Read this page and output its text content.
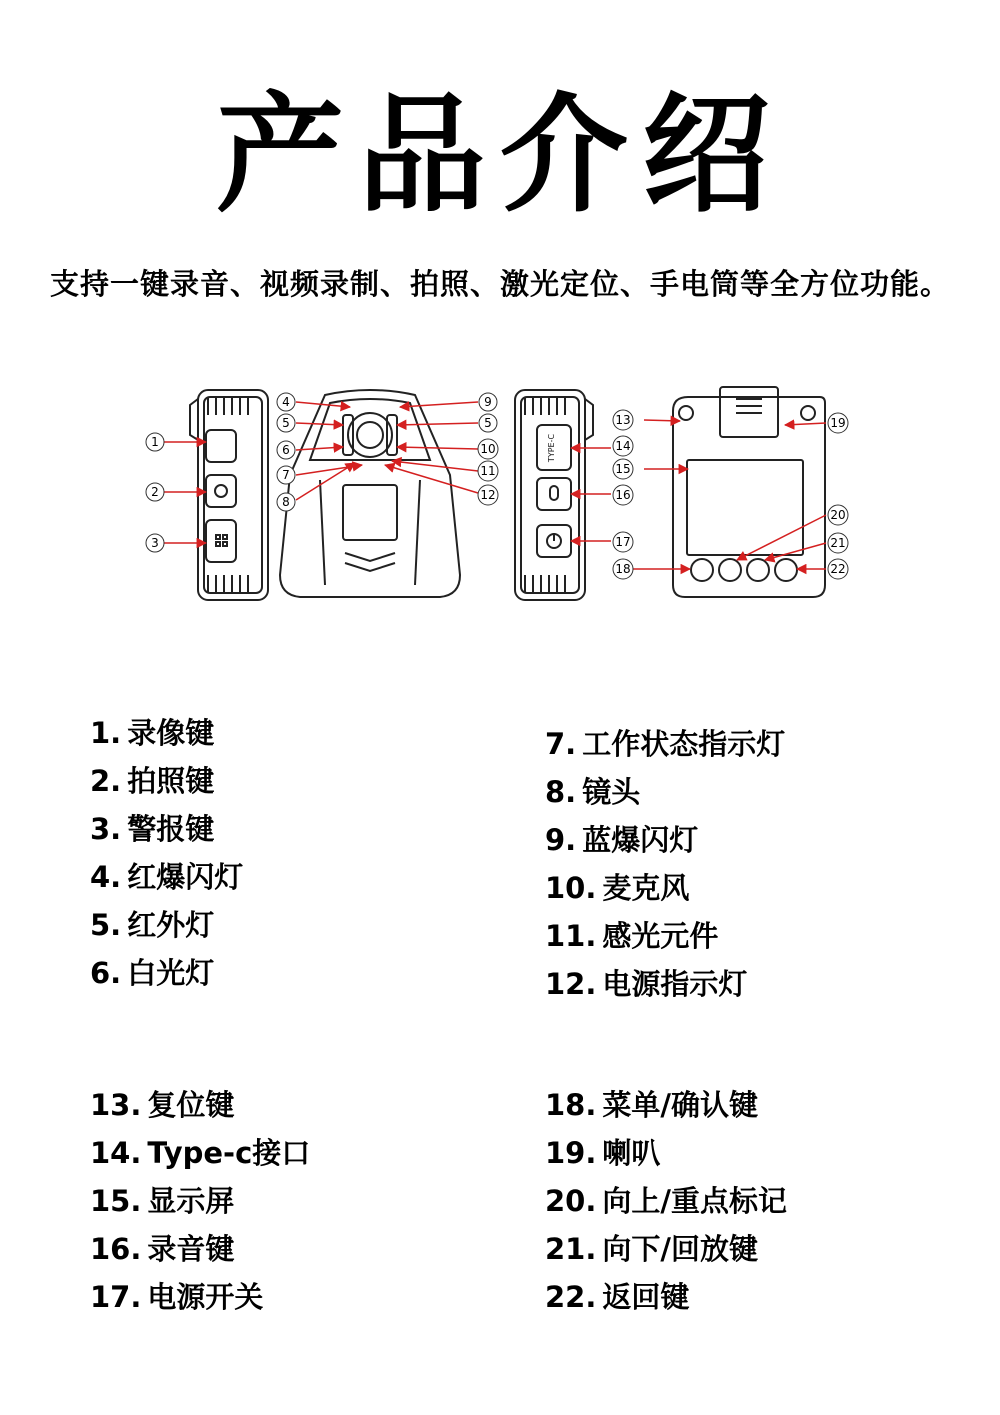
产品介绍
支持一键录音、视频录制、拍照、激光定位、手电筒等全方位功能。
TYPE-C
1
2
3
4
5	5
6
7
8
9
10
11
12
13
14
15
16
17
18
19
20
21
22
1. 录像键
2. 拍照键
3. 警报键
4. 红爆闪灯
5. 红外灯
6. 白光灯
7. 工作状态指示灯
8. 镜头
9. 蓝爆闪灯
10. 麦克风
11. 感光元件
12. 电源指示灯
13. 复位键
14. Type-c接口
15. 显示屏
16. 录音键
17. 电源开关
18. 菜单/确认键
19. 喇叭
20. 向上/重点标记
21. 向下/回放键
22. 返回键
